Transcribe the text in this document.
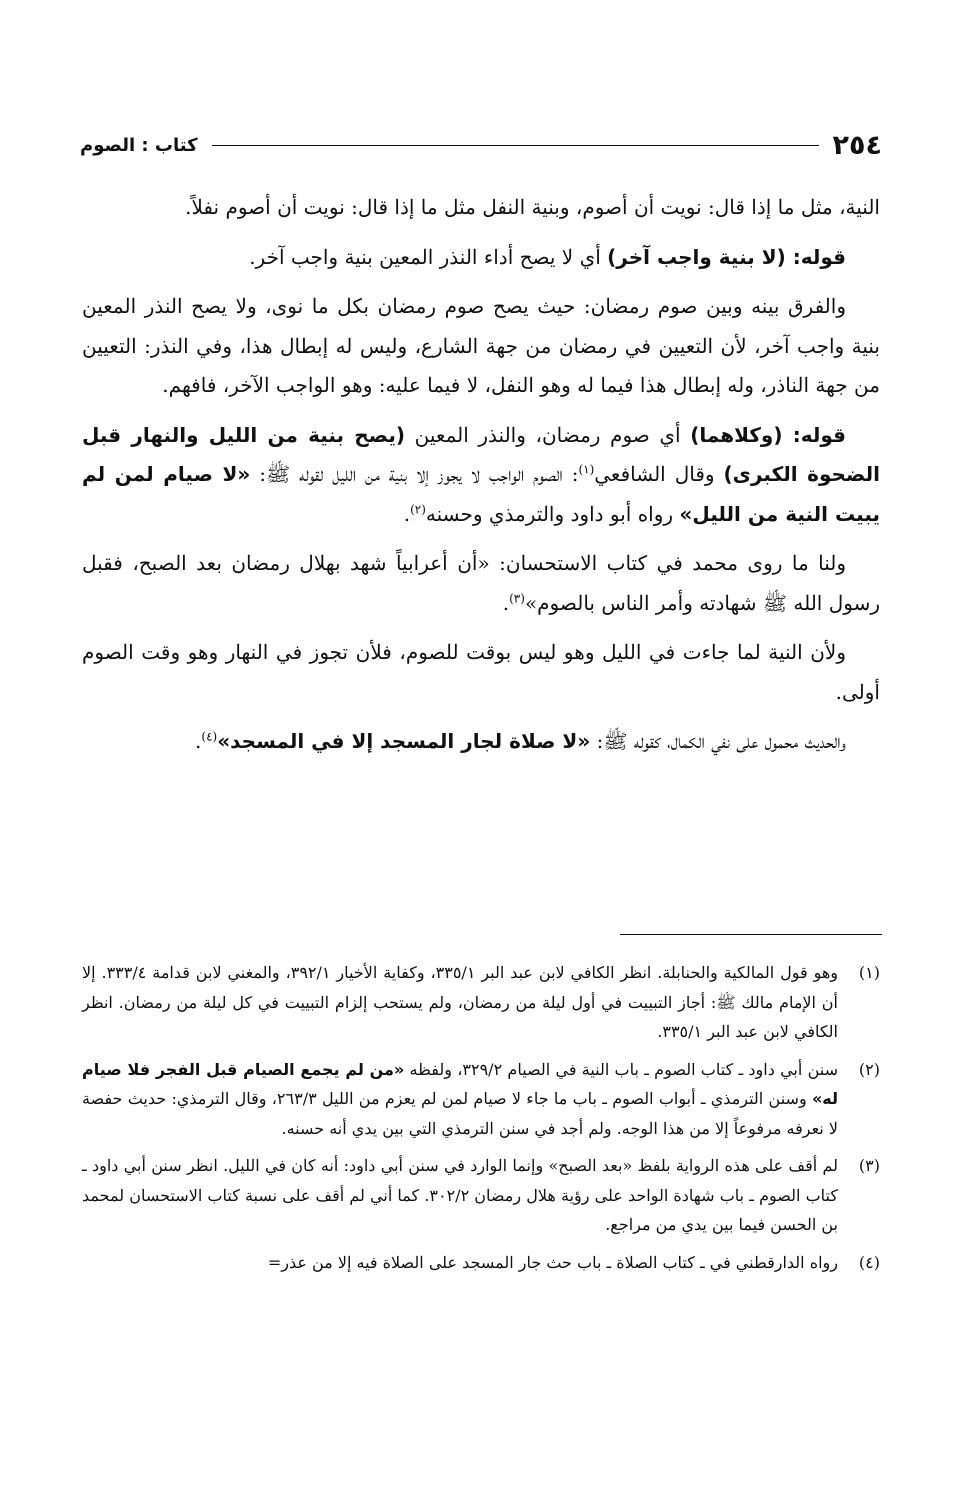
٢٥٤
كتاب : الصوم

النية، مثل ما إذا قال: نويت أن أصوم، وبنية النفل مثل ما إذا قال: نويت أن أصوم نفلاً.

قوله: (لا بنية واجب آخر) أي لا يصح أداء النذر المعين بنية واجب آخر.

والفرق بينه وبين صوم رمضان: حيث يصح صوم رمضان بكل ما نوى، ولا يصح النذر المعين بنية واجب آخر، لأن التعيين في رمضان من جهة الشارع، وليس له إبطال هذا، وفي النذر: التعيين من جهة الناذر، وله إبطال هذا فيما له وهو النفل، لا فيما عليه: وهو الواجب الآخر، فافهم.

قوله: (وكلاهما) أي صوم رمضان، والنذر المعين (يصح بنية من الليل والنهار قبل الضحوة الكبرى) وقال الشافعي$^{(١)}$: الصوم الواجب لا يجوز إلا بنية من الليل لقوله ﷺ: «لا صيام لمن لم يبيت النية من الليل» رواه أبو داود والترمذي وحسنه$^{(٢)}$.

ولنا ما روى محمد في كتاب الاستحسان: «أن أعرابياً شهد بهلال رمضان بعد الصبح، فقبل رسول الله ﷺ شهادته وأمر الناس بالصوم»$^{(٣)}$.

ولأن النية لما جاءت في الليل وهو ليس بوقت للصوم، فلأن تجوز في النهار وهو وقت الصوم أولى.

والحديث محمول على نفي الكمال، كقوله ﷺ: «لا صلاة لجار المسجد إلا في المسجد»$^{(٤)}$.

(١)
وهو قول المالكية والحنابلة. انظر الكافي لابن عبد البر ٣٣٥/١، وكفاية الأخيار ٣٩٢/١، والمغني لابن قدامة ٣٣٣/٤. إلا أن الإمام مالك ﷺ: أجاز التبييت في أول ليلة من رمضان، ولم يستحب إلزام التبييت في كل ليلة من رمضان. انظر الكافي لابن عبد البر ٣٣٥/١.
(٢)
سنن أبي داود ـ كتاب الصوم ـ باب النية في الصيام ٣٢٩/٢، ولفظه «من لم يجمع الصيام قبل الفجر فلا صيام له» وسنن الترمذي ـ أبواب الصوم ـ باب ما جاء لا صيام لمن لم يعزم من الليل ٢٦٣/٣، وقال الترمذي: حديث حفصة لا نعرفه مرفوعاً إلا من هذا الوجه. ولم أجد في سنن الترمذي التي بين يدي أنه حسنه.
(٣)
لم أقف على هذه الرواية بلفظ «بعد الصبح» وإنما الوارد في سنن أبي داود: أنه كان في الليل. انظر سنن أبي داود ـ كتاب الصوم ـ باب شهادة الواحد على رؤية هلال رمضان ٣٠٢/٢. كما أني لم أقف على نسبة كتاب الاستحسان لمحمد بن الحسن فيما بين يدي من مراجع.
(٤)
رواه الدارقطني في ـ كتاب الصلاة ـ باب حث جار المسجد على الصلاة فيه إلا من عذر=
